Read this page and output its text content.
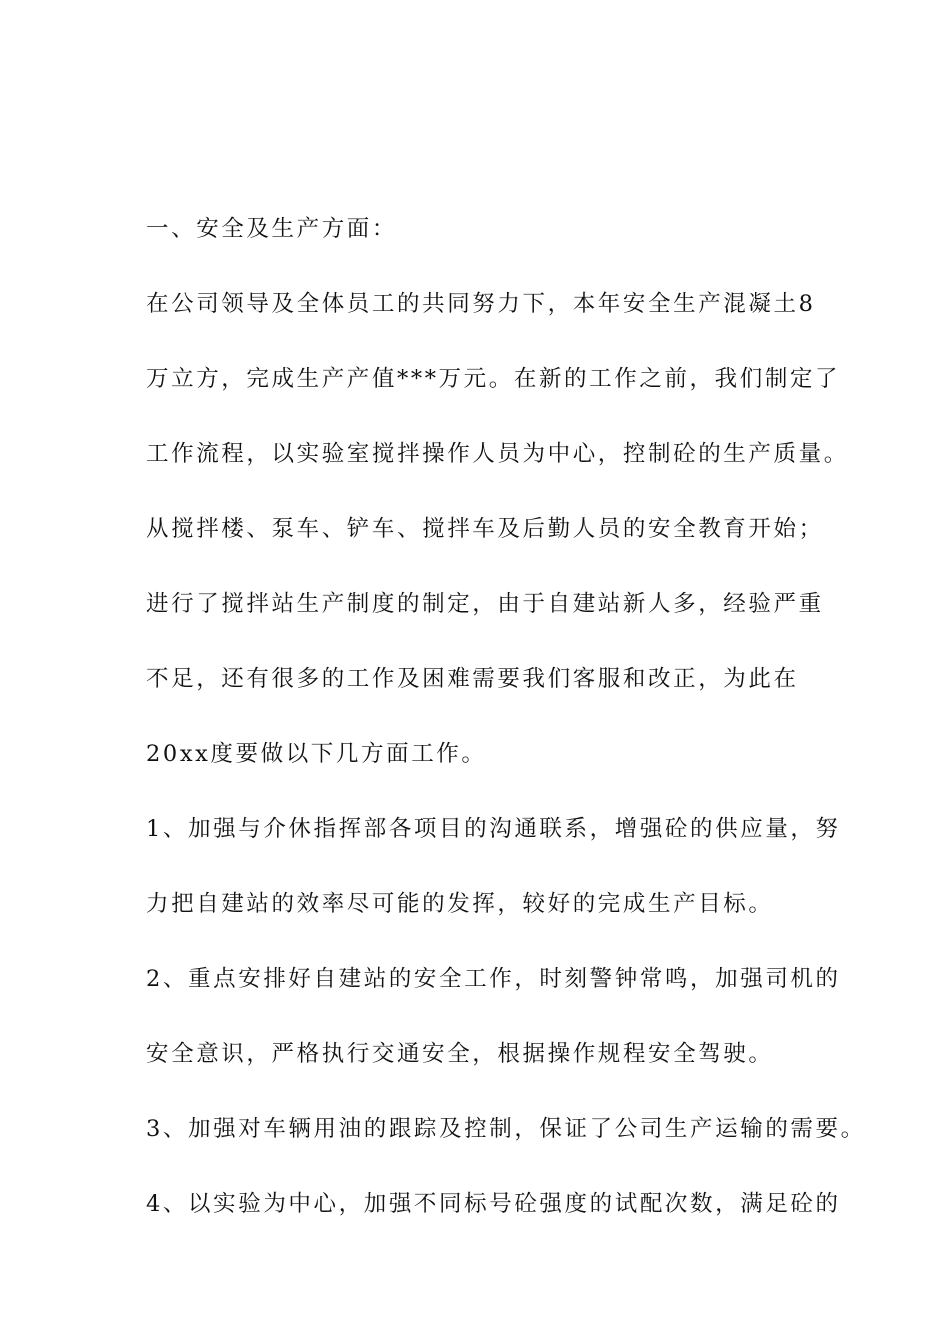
一、安全及生产方面：
在公司领导及全体员工的共同努力下，本年安全生产混凝土8
万立方，完成生产产值***万元。在新的工作之前，我们制定了
工作流程，以实验室搅拌操作人员为中心，控制砼的生产质量。
从搅拌楼、泵车、铲车、搅拌车及后勤人员的安全教育开始；
进行了搅拌站生产制度的制定，由于自建站新人多，经验严重
不足，还有很多的工作及困难需要我们客服和改正，为此在
20xx度要做以下几方面工作。
1、加强与介休指挥部各项目的沟通联系，增强砼的供应量，努
力把自建站的效率尽可能的发挥，较好的完成生产目标。
2、重点安排好自建站的安全工作，时刻警钟常鸣，加强司机的
安全意识，严格执行交通安全，根据操作规程安全驾驶。
3、加强对车辆用油的跟踪及控制，保证了公司生产运输的需要。
4、以实验为中心，加强不同标号砼强度的试配次数，满足砼的
